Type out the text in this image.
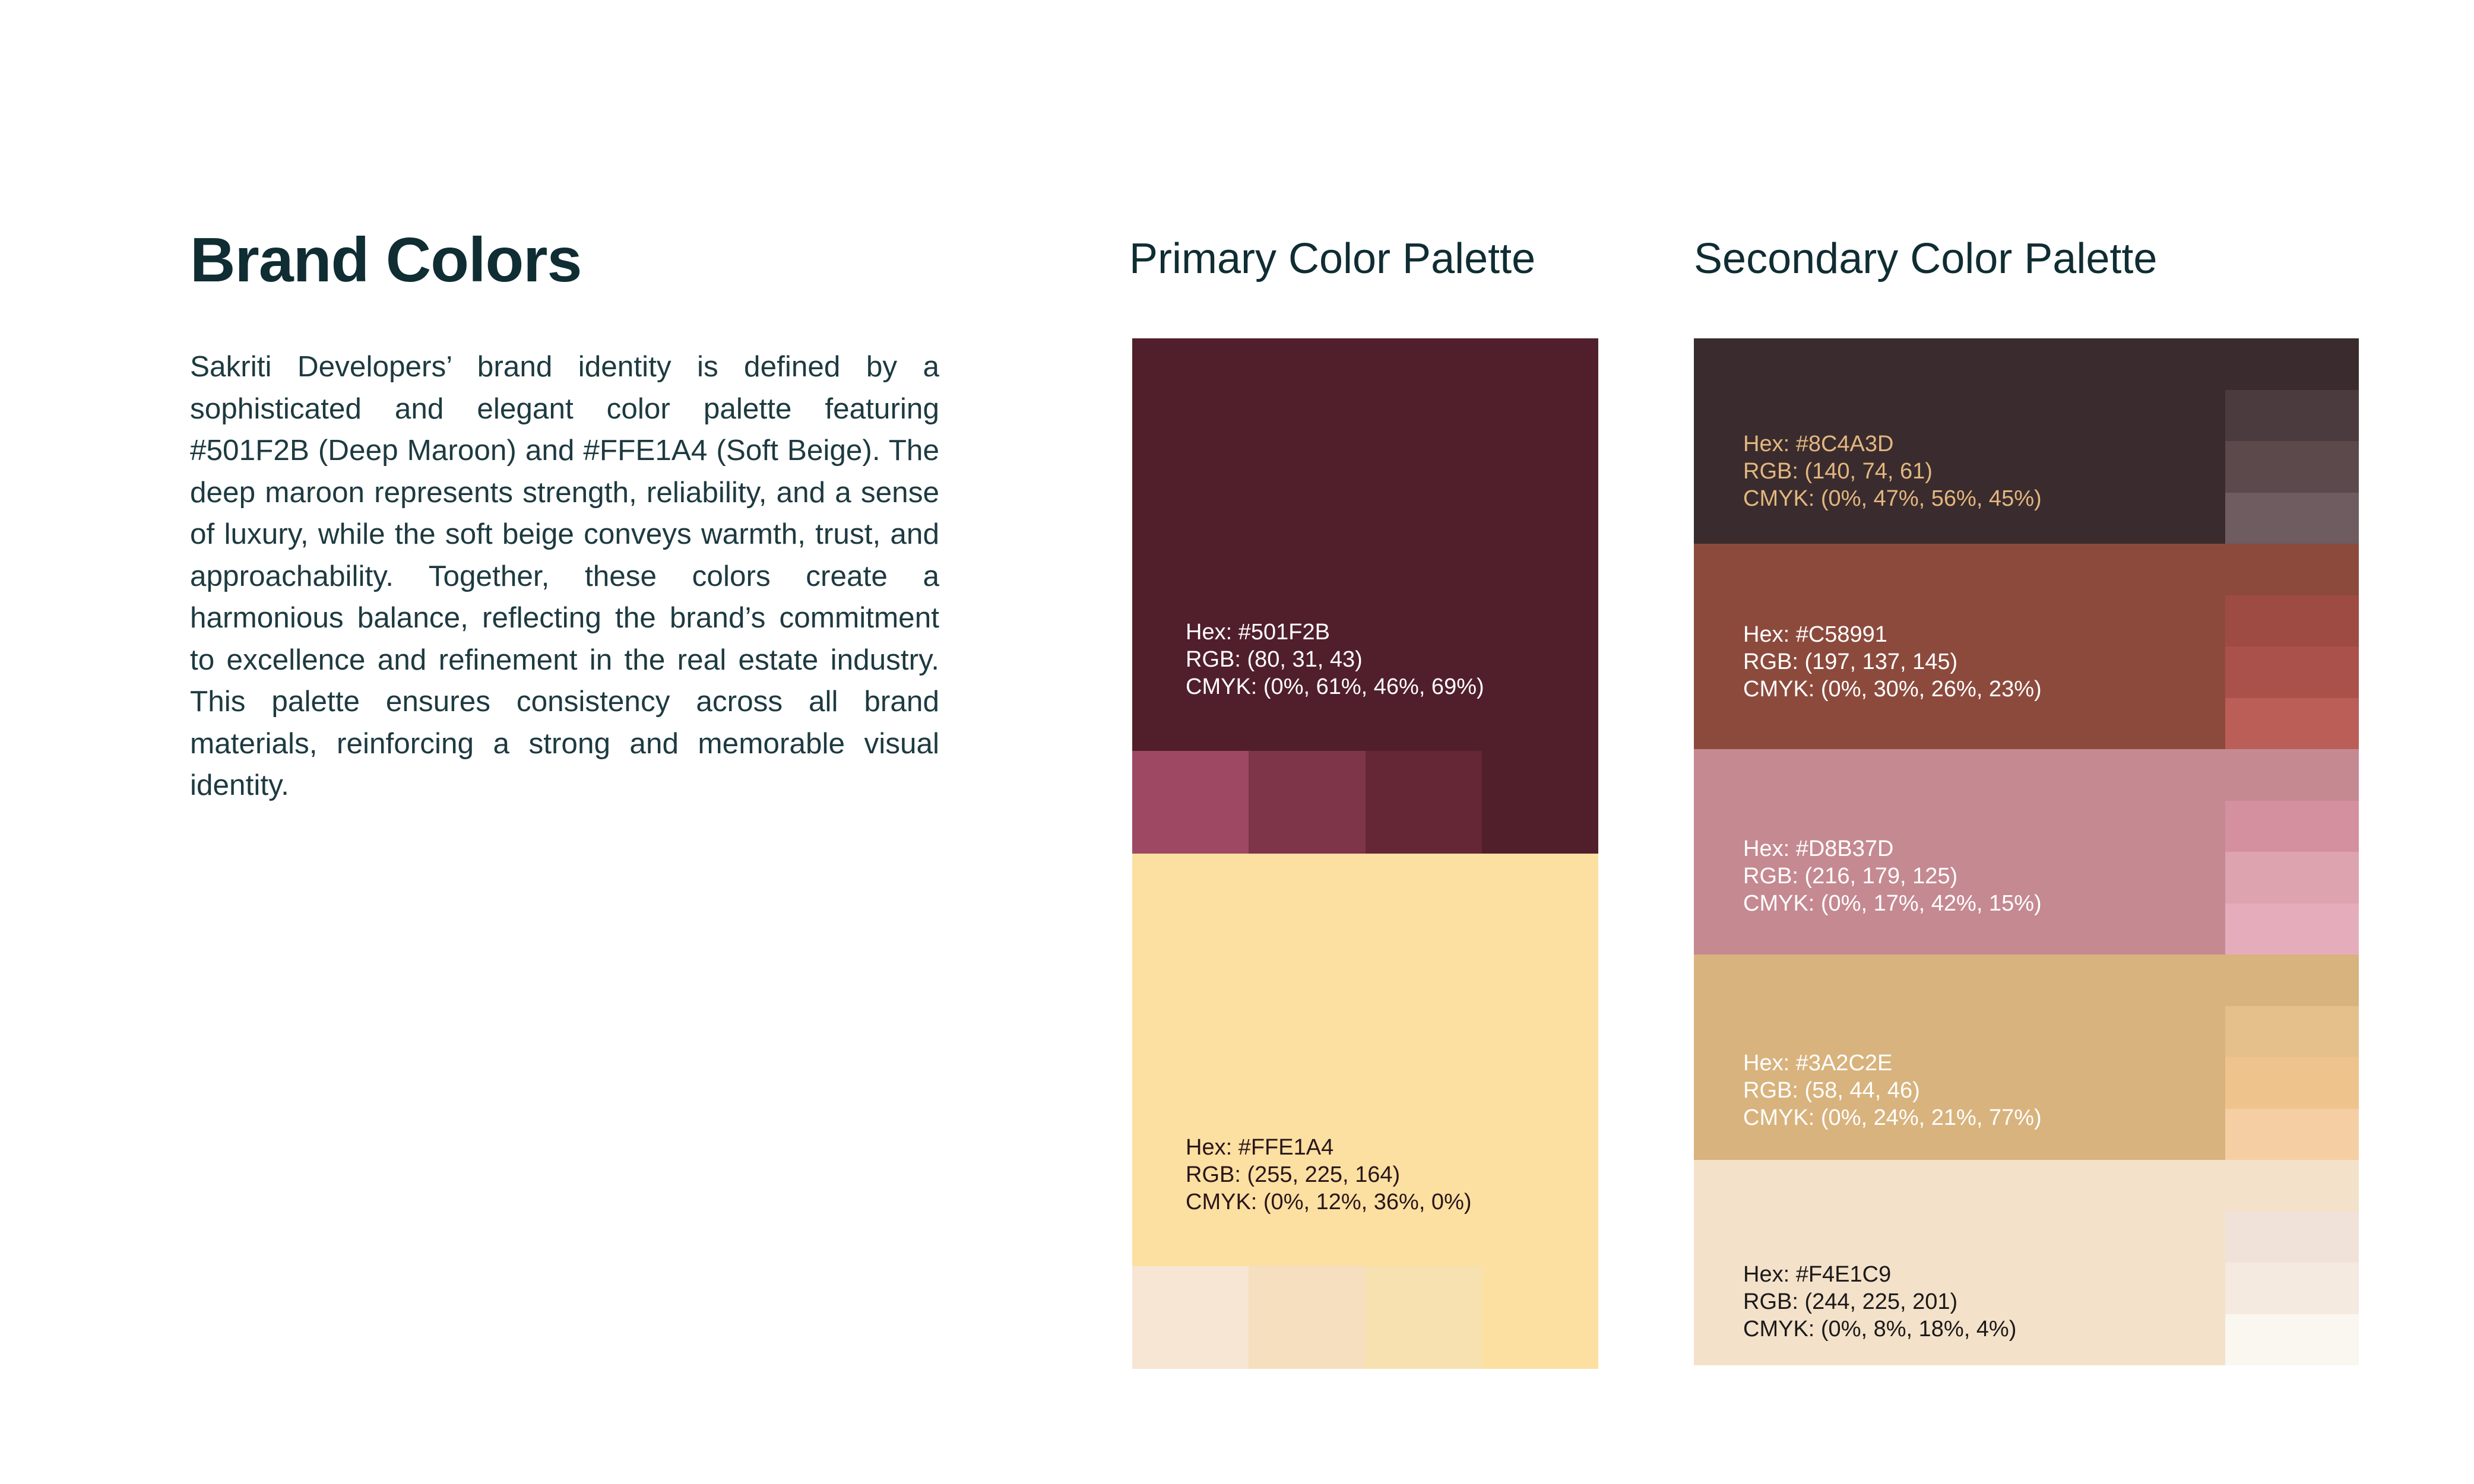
Brand Colors

Sakriti Developers’ brand identity is defined by a sophisticated and elegant color palette featuring #501F2B (Deep Maroon) and #FFE1A4 (Soft Beige). The deep maroon represents strength, reliability, and a sense of luxury, while the soft beige conveys warmth, trust, and approachability. Together, these colors create a harmonious balance, reflecting the brand’s commitment to excellence and refinement in the real estate industry. This palette ensures consistency across all brand materials, reinforcing a strong and memorable visual identity.

Primary Color Palette	Secondary Color Palette
Hex: #501F2B
RGB: (80, 31, 43)
CMYK: (0%, 61%, 46%, 69%)
Hex: #FFE1A4
RGB: (255, 225, 164)
CMYK: (0%, 12%, 36%, 0%)
Hex: #8C4A3D
RGB: (140, 74, 61)
CMYK: (0%, 47%, 56%, 45%)
Hex: #C58991
RGB: (197, 137, 145)
CMYK: (0%, 30%, 26%, 23%)
Hex: #D8B37D
RGB: (216, 179, 125)
CMYK: (0%, 17%, 42%, 15%)
Hex: #3A2C2E
RGB: (58, 44, 46)
CMYK: (0%, 24%, 21%, 77%)
Hex: #F4E1C9
RGB: (244, 225, 201)
CMYK: (0%, 8%, 18%, 4%)
